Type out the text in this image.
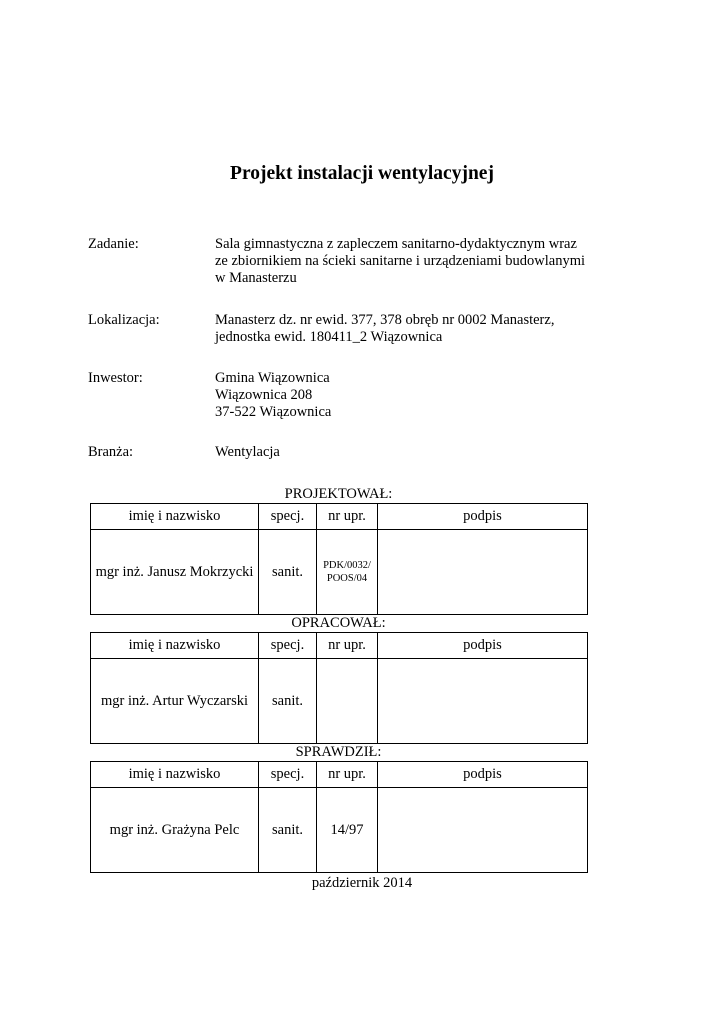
Projekt instalacji wentylacyjnej
Zadanie:	Sala gimnastyczna z zapleczem sanitarno-dydaktycznym wraz
ze zbiornikiem na ścieki sanitarne i urządzeniami budowlanymi
w Manasterzu
Lokalizacja:	Manasterz dz. nr ewid. 377, 378 obręb nr 0002 Manasterz,
jednostka ewid. 180411_2 Wiązownica
Inwestor:	Gmina Wiązownica
Wiązownica 208
37-522 Wiązownica
Branża:	Wentylacja
PROJEKTOWAŁ:
imię i nazwisko	specj.	nr upr.	podpis
mgr inż. Janusz Mokrzycki	sanit.	PDK/0032/
POOS/04	

OPRACOWAŁ:
imię i nazwisko	specj.	nr upr.	podpis
mgr inż. Artur Wyczarski	sanit.		
SPRAWDZIŁ:
imię i nazwisko	specj.	nr upr.	podpis
mgr inż. Grażyna Pelc	sanit.	14/97	
październik 2014
